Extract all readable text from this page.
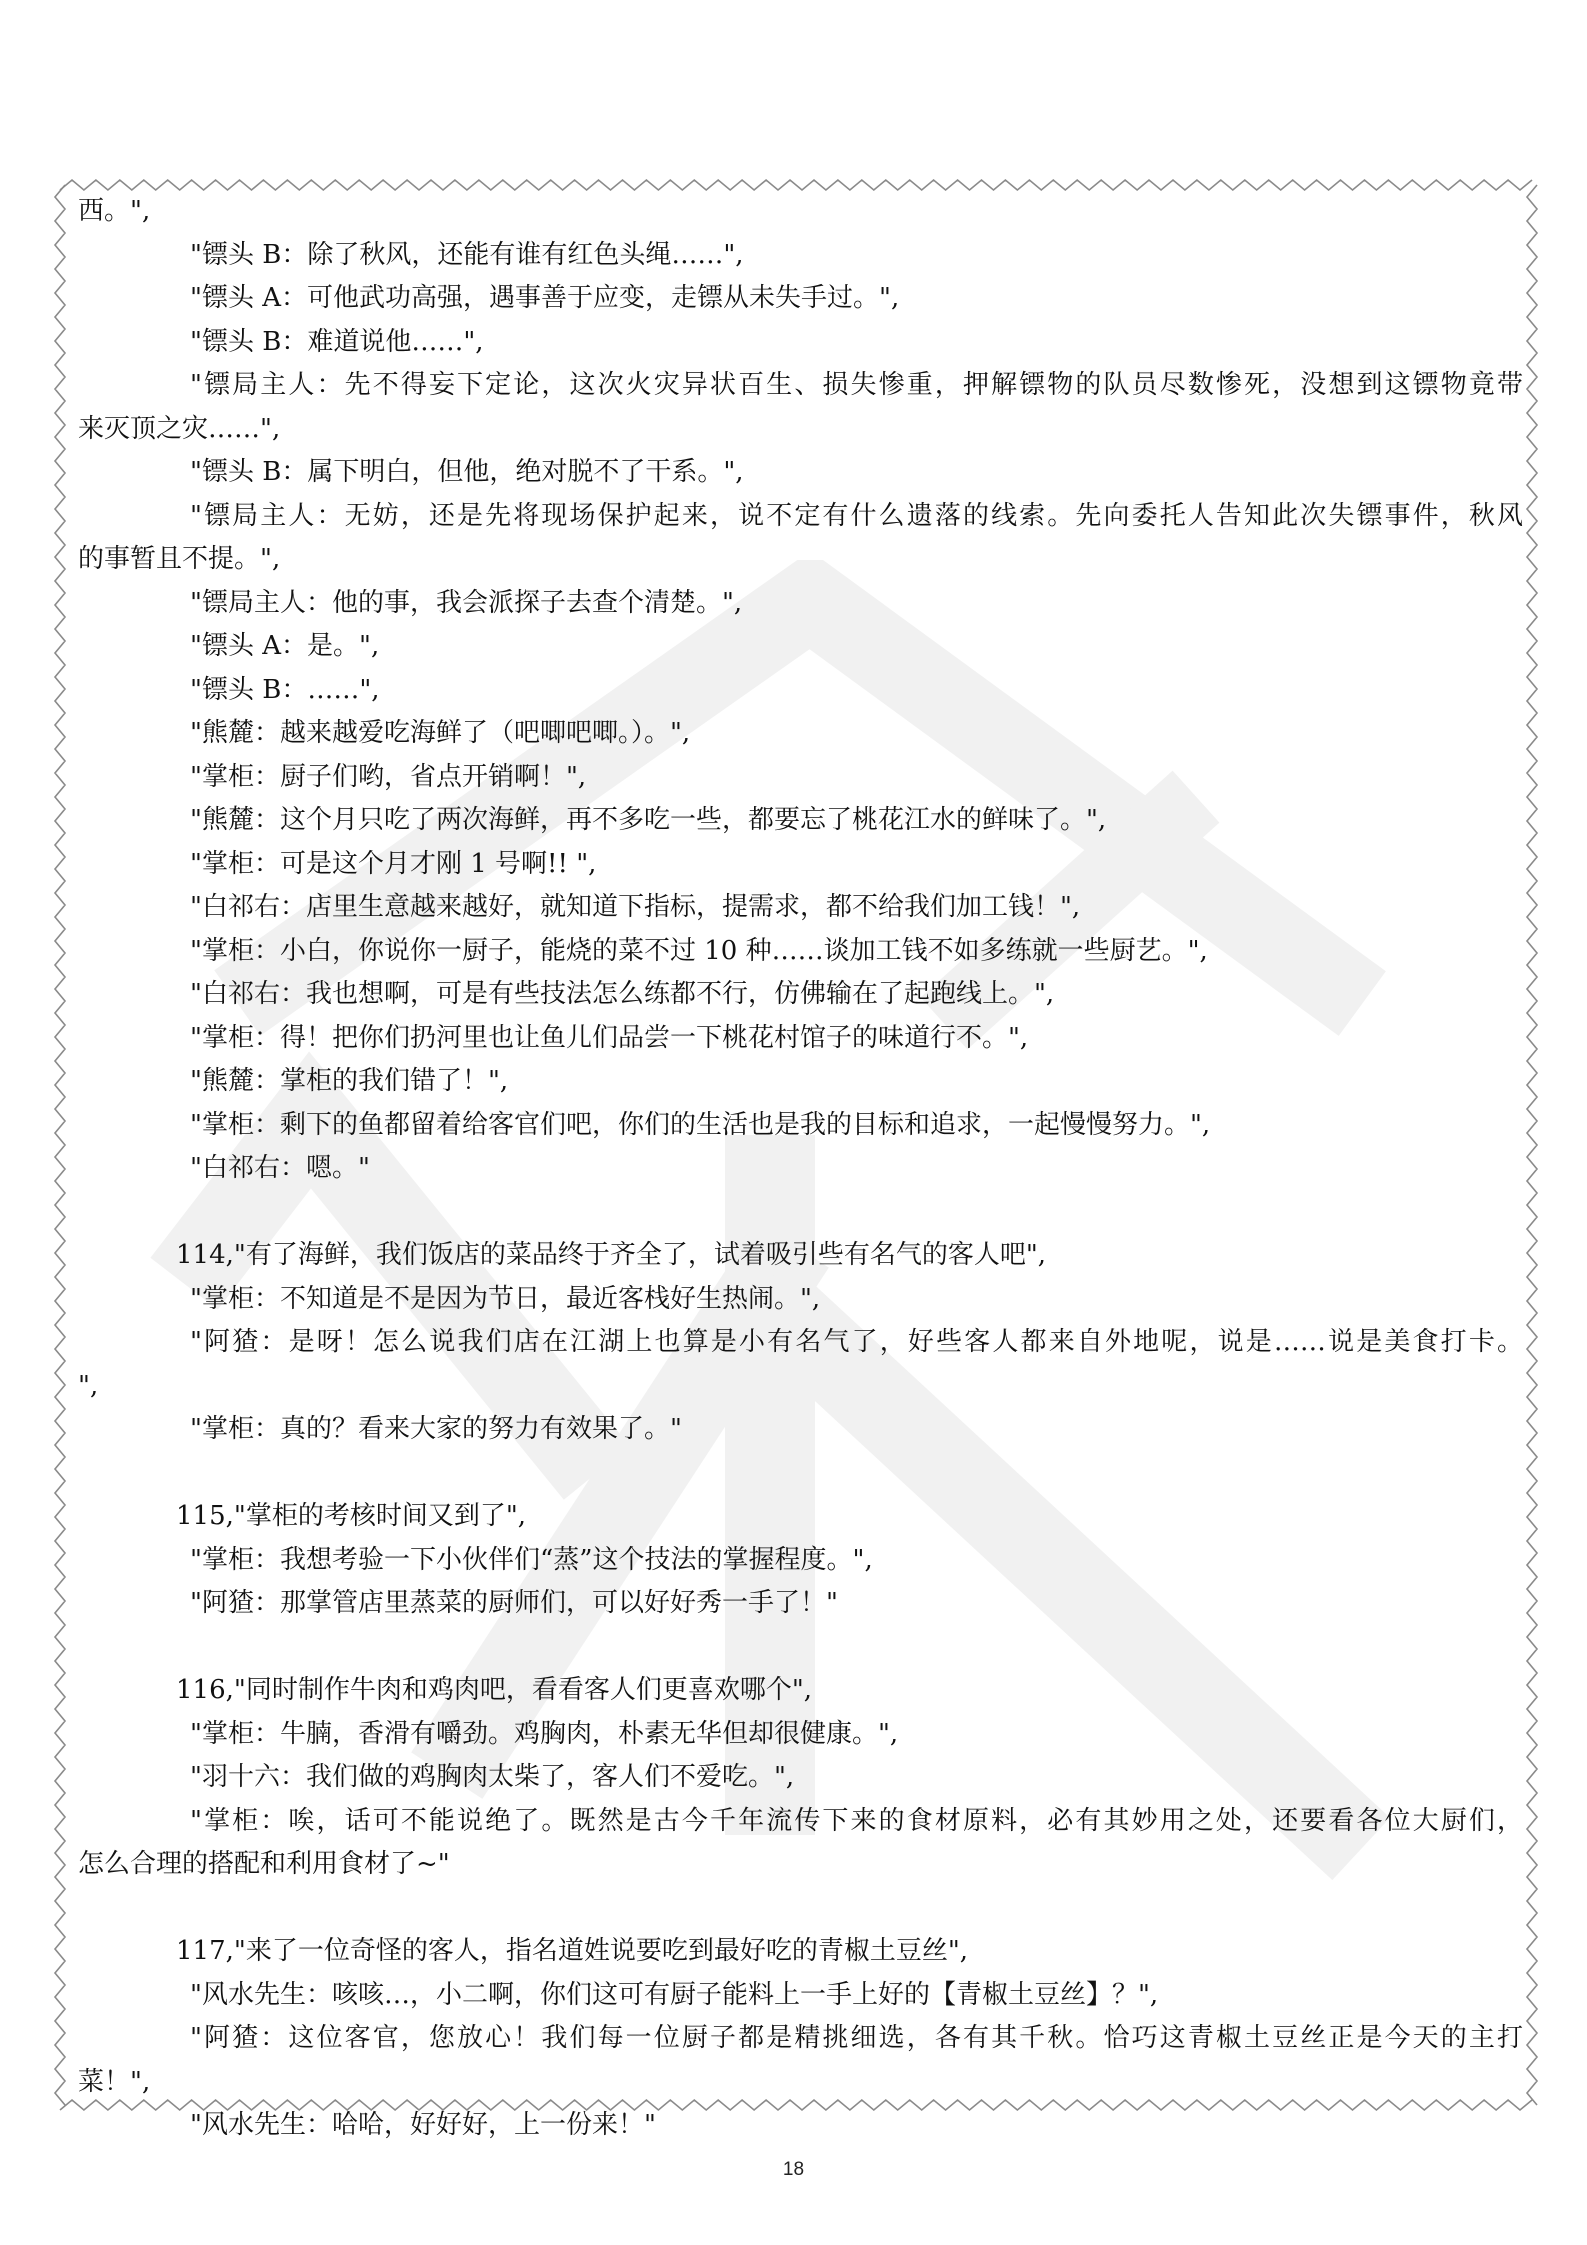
西。",
"镖头 B：除了秋风，还能有谁有红色头绳……",
"镖头 A：可他武功高强，遇事善于应变，走镖从未失手过。",
"镖头 B：难道说他……",
"镖局主人：先不得妄下定论，这次火灾异状百生、损失惨重，押解镖物的队员尽数惨死，没想到这镖物竟带
来灭顶之灾……",
"镖头 B：属下明白，但他，绝对脱不了干系。",
"镖局主人：无妨，还是先将现场保护起来，说不定有什么遗落的线索。先向委托人告知此次失镖事件，秋风
的事暂且不提。",
"镖局主人：他的事，我会派探子去查个清楚。",
"镖头 A：是。",
"镖头 B：……",
"熊麓：越来越爱吃海鲜了（吧唧吧唧。）。",
"掌柜：厨子们哟，省点开销啊！",
"熊麓：这个月只吃了两次海鲜，再不多吃一些，都要忘了桃花江水的鲜味了。",
"掌柜：可是这个月才刚 1 号啊!! ",
"白祁右：店里生意越来越好，就知道下指标，提需求，都不给我们加工钱！",
"掌柜：小白，你说你一厨子，能烧的菜不过 10 种……谈加工钱不如多练就一些厨艺。",
"白祁右：我也想啊，可是有些技法怎么练都不行，仿佛输在了起跑线上。",
"掌柜：得！把你们扔河里也让鱼儿们品尝一下桃花村馆子的味道行不。",
"熊麓：掌柜的我们错了！",
"掌柜：剩下的鱼都留着给客官们吧，你们的生活也是我的目标和追求，一起慢慢努力。",
"白祁右：嗯。"
114,"有了海鲜，我们饭店的菜品终于齐全了，试着吸引些有名气的客人吧",
"掌柜：不知道是不是因为节日，最近客栈好生热闹。",
"阿猹：是呀！怎么说我们店在江湖上也算是小有名气了，好些客人都来自外地呢，说是……说是美食打卡。
",
"掌柜：真的？看来大家的努力有效果了。"
115,"掌柜的考核时间又到了",
"掌柜：我想考验一下小伙伴们“蒸”这个技法的掌握程度。",
"阿猹：那掌管店里蒸菜的厨师们，可以好好秀一手了！"
116,"同时制作牛肉和鸡肉吧，看看客人们更喜欢哪个",
"掌柜：牛腩，香滑有嚼劲。鸡胸肉，朴素无华但却很健康。",
"羽十六：我们做的鸡胸肉太柴了，客人们不爱吃。",
"掌柜：唉，话可不能说绝了。既然是古今千年流传下来的食材原料，必有其妙用之处，还要看各位大厨们，
怎么合理的搭配和利用食材了~"
117,"来了一位奇怪的客人，指名道姓说要吃到最好吃的青椒土豆丝",
"风水先生：咳咳…，小二啊，你们这可有厨子能料上一手上好的【青椒土豆丝】？",
"阿猹：这位客官，您放心！我们每一位厨子都是精挑细选，各有其千秋。恰巧这青椒土豆丝正是今天的主打
菜！",
"风水先生：哈哈，好好好，上一份来！"
18
